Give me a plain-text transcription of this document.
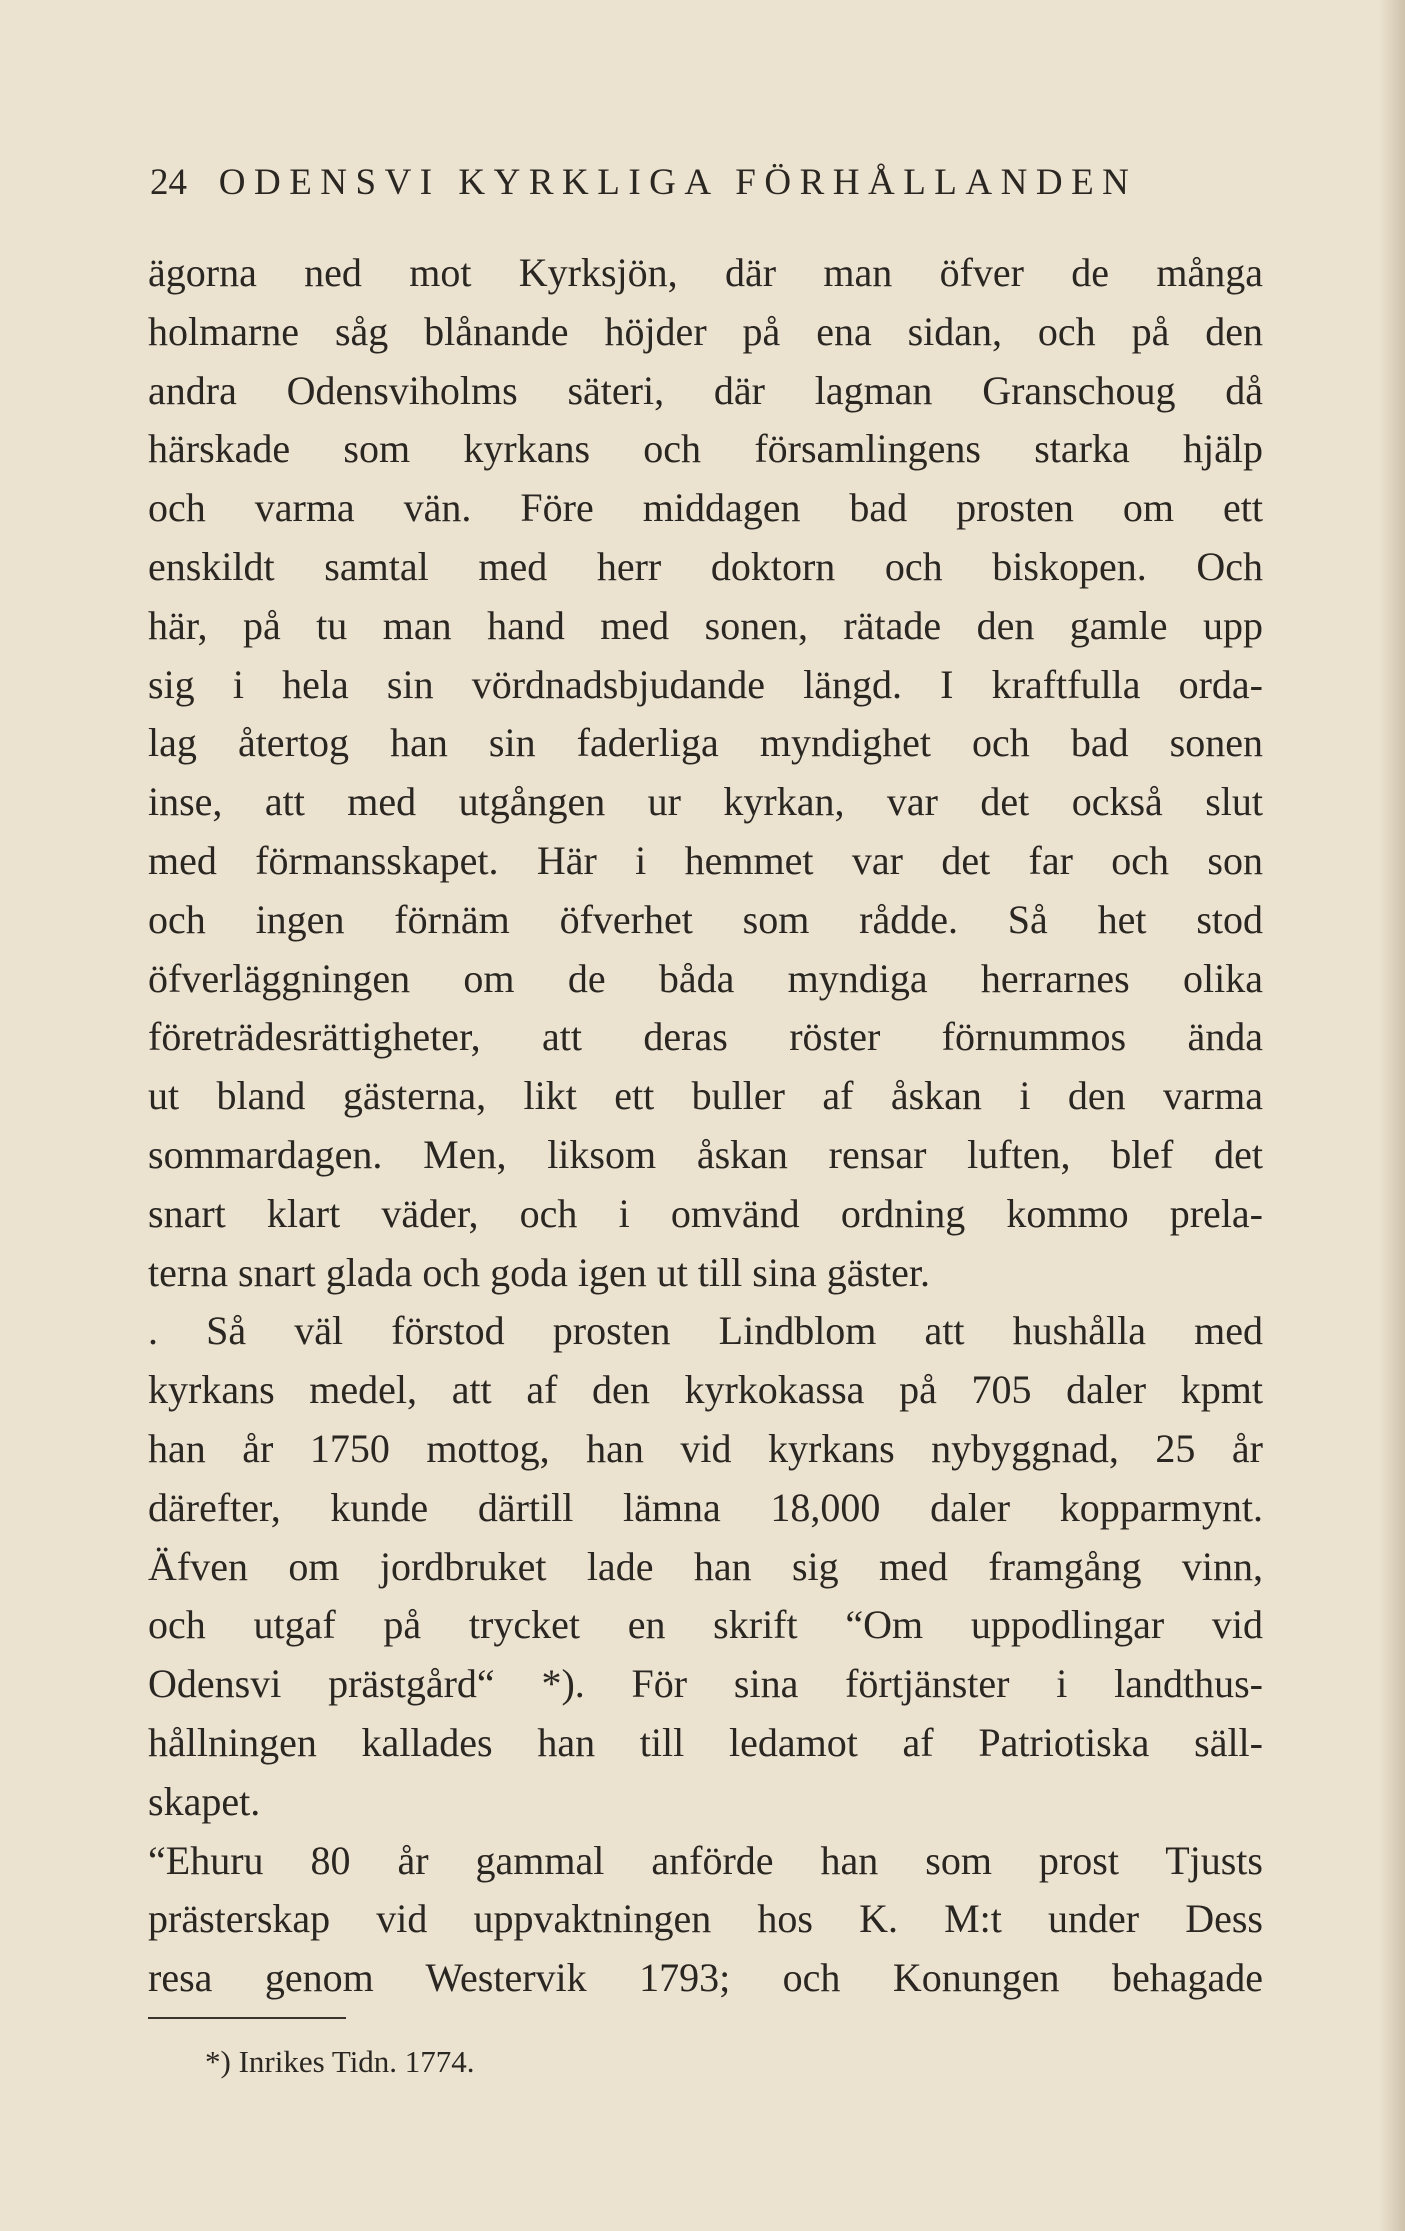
24 ODENSVI KYRKLIGA FÖRHÅLLANDEN
ägorna ned mot Kyrksjön, där man öfver de många
holmarne såg blånande höjder på ena sidan, och på den
andra Odensviholms säteri, där lagman Granschoug då
härskade som kyrkans och församlingens starka hjälp
och varma vän. Före middagen bad prosten om ett
enskildt samtal med herr doktorn och biskopen. Och
här, på tu man hand med sonen, rätade den gamle upp
sig i hela sin vördnadsbjudande längd. I kraftfulla orda-
lag återtog han sin faderliga myndighet och bad sonen
inse, att med utgången ur kyrkan, var det också slut
med förmansskapet. Här i hemmet var det far och son
och ingen förnäm öfverhet som rådde. Så het stod
öfverläggningen om de båda myndiga herrarnes olika
företrädesrättigheter, att deras röster förnummos ända
ut bland gästerna, likt ett buller af åskan i den varma
sommardagen. Men, liksom åskan rensar luften, blef det
snart klart väder, och i omvänd ordning kommo prela-
terna snart glada och goda igen ut till sina gäster.
. Så väl förstod prosten Lindblom att hushålla med
kyrkans medel, att af den kyrkokassa på 705 daler kpmt
han år 1750 mottog, han vid kyrkans nybyggnad, 25 år
därefter, kunde därtill lämna 18,000 daler kopparmynt.
Äfven om jordbruket lade han sig med framgång vinn,
och utgaf på trycket en skrift “Om uppodlingar vid
Odensvi prästgård“ *). För sina förtjänster i landthus-
hållningen kallades han till ledamot af Patriotiska säll-
skapet.
“Ehuru 80 år gammal anförde han som prost Tjusts
prästerskap vid uppvaktningen hos K. M:t under Dess
resa genom Westervik 1793; och Konungen behagade
*) Inrikes Tidn. 1774.
